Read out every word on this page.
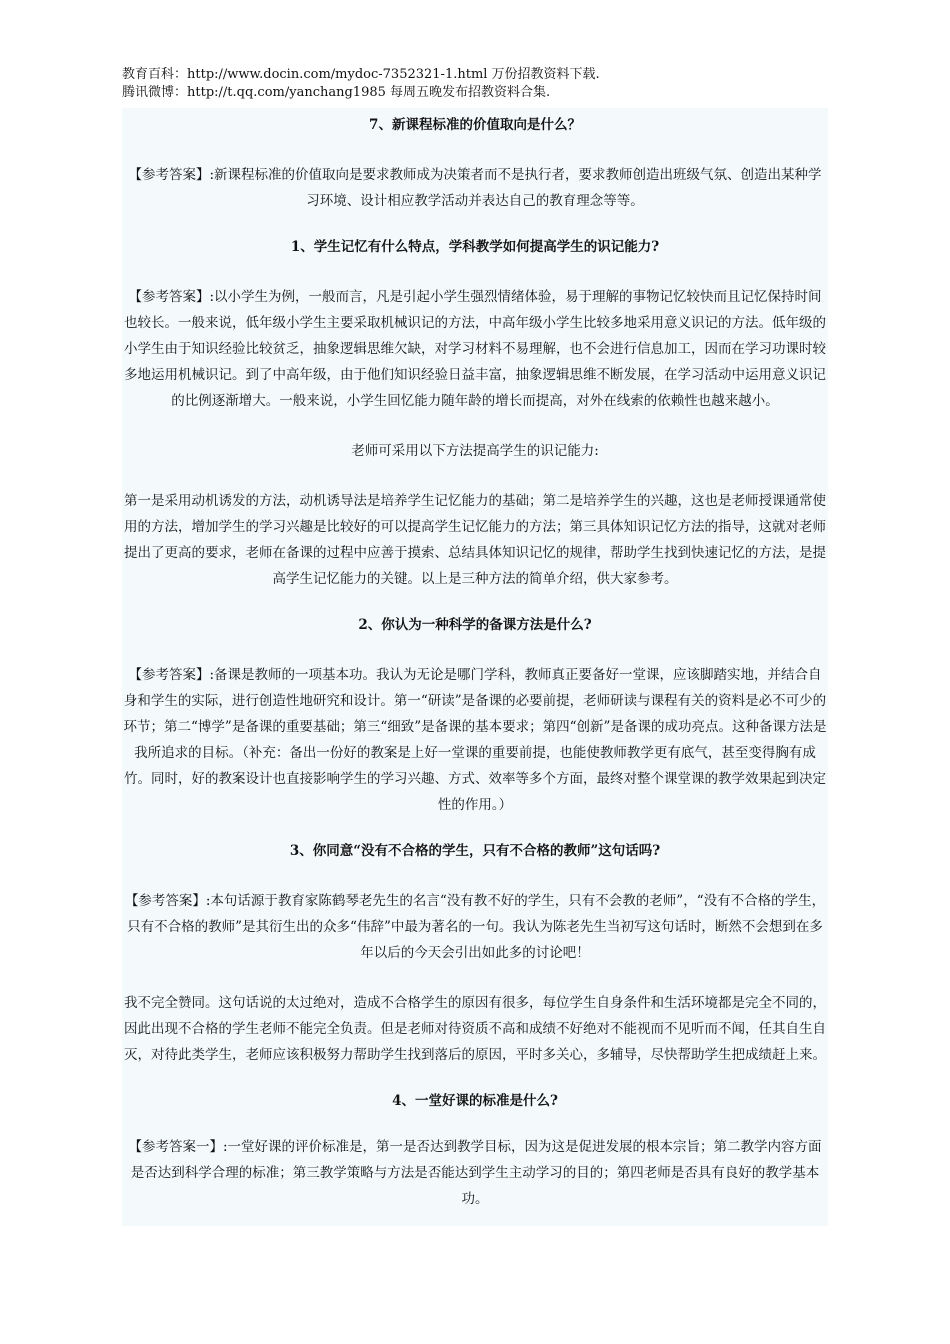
教育百科：http://www.docin.com/mydoc-7352321-1.html 万份招教资料下载.

腾讯微博：http://t.qq.com/yanchang1985 每周五晚发布招教资料合集.

7、新课程标准的价值取向是什么？

【参考答案】:新课程标准的价值取向是要求教师成为决策者而不是执行者，要求教师创造出班级气氛、创造出某种学习环境、设计相应教学活动并表达自己的教育理念等等。

1、学生记忆有什么特点，学科教学如何提高学生的识记能力?

【参考答案】:以小学生为例，一般而言，凡是引起小学生强烈情绪体验，易于理解的事物记忆较快而且记忆保持时间也较长。一般来说，低年级小学生主要采取机械识记的方法，中高年级小学生比较多地采用意义识记的方法。低年级的小学生由于知识经验比较贫乏，抽象逻辑思维欠缺，对学习材料不易理解，也不会进行信息加工，因而在学习功课时较多地运用机械识记。到了中高年级，由于他们知识经验日益丰富，抽象逻辑思维不断发展，在学习活动中运用意义识记的比例逐渐增大。一般来说，小学生回忆能力随年龄的增长而提高，对外在线索的依赖性也越来越小。

老师可采用以下方法提高学生的识记能力:

第一是采用动机诱发的方法，动机诱导法是培养学生记忆能力的基础；第二是培养学生的兴趣，这也是老师授课通常使用的方法，增加学生的学习兴趣是比较好的可以提高学生记忆能力的方法；第三具体知识记忆方法的指导，这就对老师提出了更高的要求，老师在备课的过程中应善于摸索、总结具体知识记忆的规律，帮助学生找到快速记忆的方法，是提高学生记忆能力的关键。以上是三种方法的简单介绍，供大家参考。

2、你认为一种科学的备课方法是什么?

【参考答案】:备课是教师的一项基本功。我认为无论是哪门学科，教师真正要备好一堂课，应该脚踏实地，并结合自身和学生的实际，进行创造性地研究和设计。第一“研读”是备课的必要前提，老师研读与课程有关的资料是必不可少的环节；第二“博学”是备课的重要基础；第三“细致”是备课的基本要求；第四“创新”是备课的成功亮点。这种备课方法是我所追求的目标。（补充：备出一份好的教案是上好一堂课的重要前提，也能使教师教学更有底气，甚至变得胸有成竹。同时，好的教案设计也直接影响学生的学习兴趣、方式、效率等多个方面，最终对整个课堂课的教学效果起到决定性的作用。）

3、你同意“没有不合格的学生，只有不合格的教师”这句话吗?

【参考答案】:本句话源于教育家陈鹤琴老先生的名言“没有教不好的学生，只有不会教的老师”，“没有不合格的学生，只有不合格的教师”是其衍生出的众多“伟辞”中最为著名的一句。我认为陈老先生当初写这句话时，断然不会想到在多年以后的今天会引出如此多的讨论吧！

我不完全赞同。这句话说的太过绝对，造成不合格学生的原因有很多，每位学生自身条件和生活环境都是完全不同的，因此出现不合格的学生老师不能完全负责。但是老师对待资质不高和成绩不好绝对不能视而不见听而不闻，任其自生自灭，对待此类学生，老师应该积极努力帮助学生找到落后的原因，平时多关心，多辅导，尽快帮助学生把成绩赶上来。

4、一堂好课的标准是什么?

【参考答案一】:一堂好课的评价标准是，第一是否达到教学目标，因为这是促进发展的根本宗旨；第二教学内容方面是否达到科学合理的标准；第三教学策略与方法是否能达到学生主动学习的目的；第四老师是否具有良好的教学基本功。
